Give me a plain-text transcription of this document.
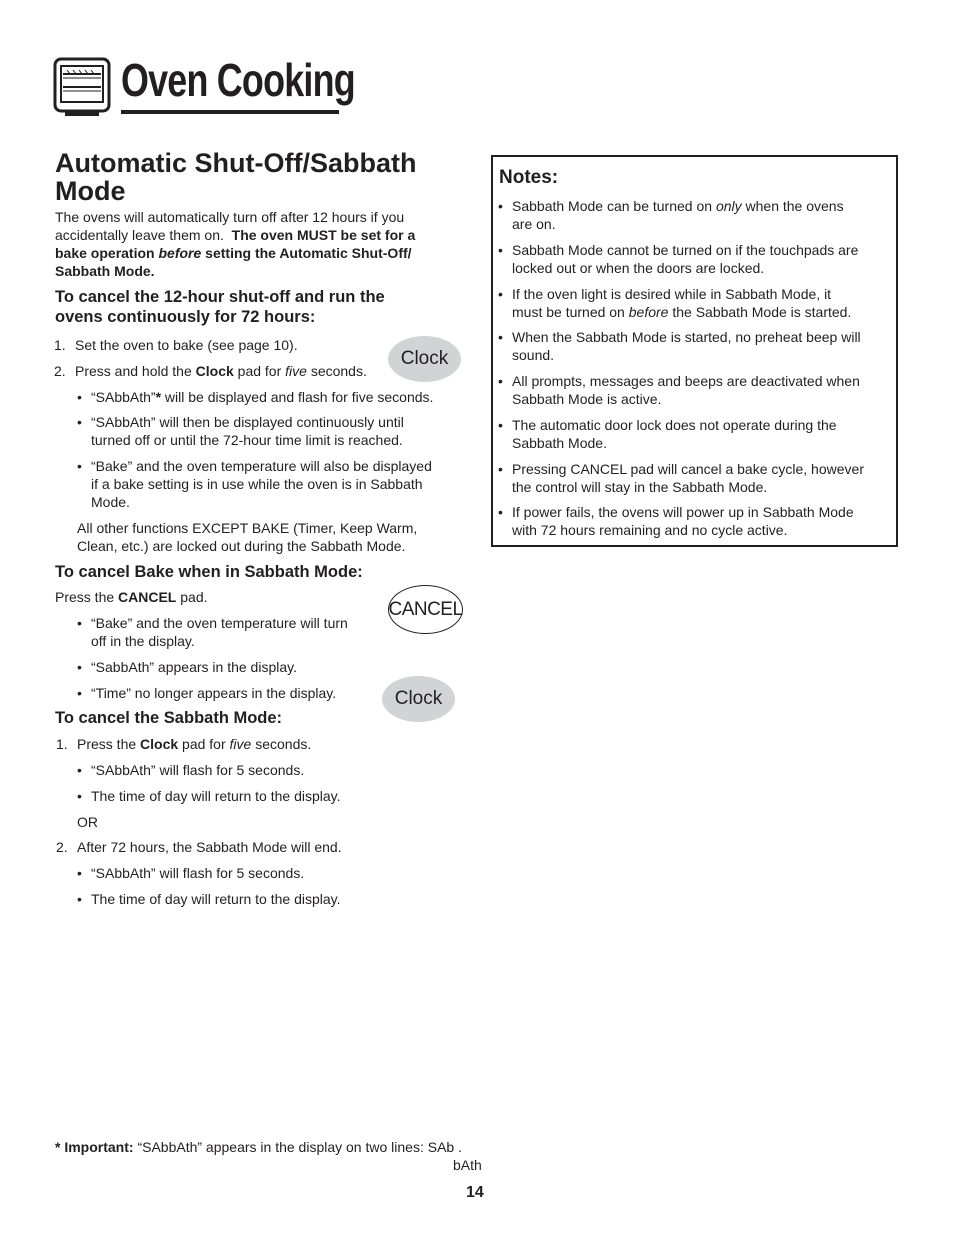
Oven Cooking
Automatic Shut-Off/Sabbath
Mode
The ovens will automatically turn off after 12 hours if you
accidentally leave them on. The oven MUST be set for a
bake operation before setting the Automatic Shut-Off/
Sabbath Mode.
To cancel the 12-hour shut-off and run the
ovens continuously for 72 hours:
1. Set the oven to bake (see page 10).
2. Press and hold the Clock pad for five seconds.
Clock
• “SAbbAth”* will be displayed and flash for five seconds.
• “SAbbAth” will then be displayed continuously until
turned off or until the 72-hour time limit is reached.
• “Bake” and the oven temperature will also be displayed
if a bake setting is in use while the oven is in Sabbath
Mode.
All other functions EXCEPT BAKE (Timer, Keep Warm,
Clean, etc.) are locked out during the Sabbath Mode.
To cancel Bake when in Sabbath Mode:
Press the CANCEL pad.
CANCEL
• “Bake” and the oven temperature will turn
off in the display.
• “SabbAth” appears in the display.
• “Time” no longer appears in the display.	Clock
To cancel the Sabbath Mode:
1. Press the Clock pad for five seconds.
• “SAbbAth” will flash for 5 seconds.
• The time of day will return to the display.
OR
2. After 72 hours, the Sabbath Mode will end.
• “SAbbAth” will flash for 5 seconds.
• The time of day will return to the display.
Notes:
• Sabbath Mode can be turned on only when the ovens
are on.
• Sabbath Mode cannot be turned on if the touchpads are
locked out or when the doors are locked.
• If the oven light is desired while in Sabbath Mode, it
must be turned on before the Sabbath Mode is started.
• When the Sabbath Mode is started, no preheat beep will
sound.
• All prompts, messages and beeps are deactivated when
Sabbath Mode is active.
• The automatic door lock does not operate during the
Sabbath Mode.
• Pressing CANCEL pad will cancel a bake cycle, however
the control will stay in the Sabbath Mode.
• If power fails, the ovens will power up in Sabbath Mode
with 72 hours remaining and no cycle active.
* Important: “SAbbAth” appears in the display on two lines: SAb .
bAth
14
